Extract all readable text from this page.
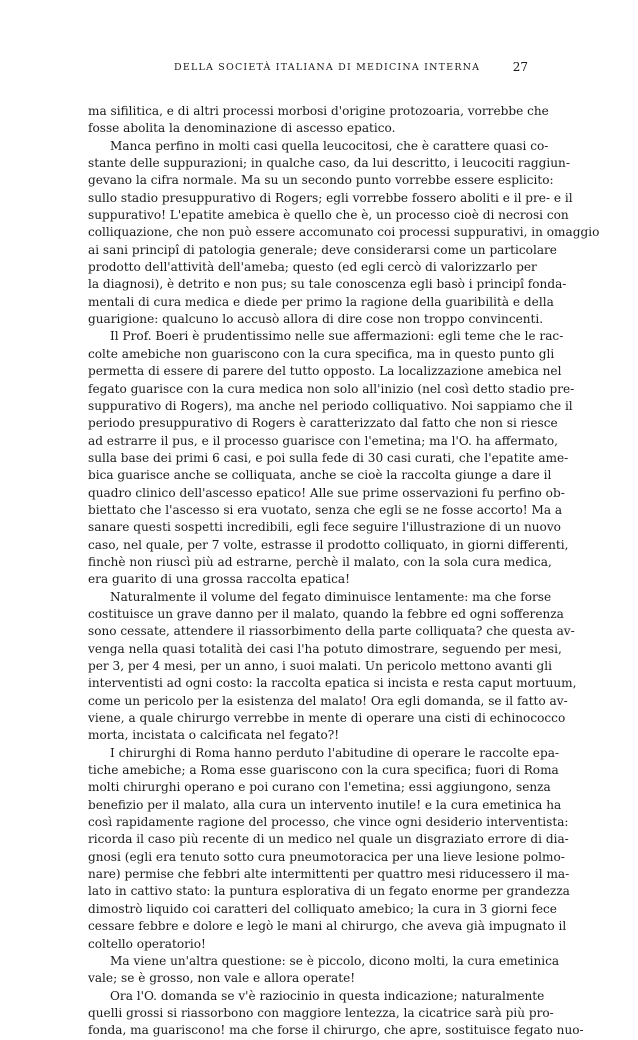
DELLA SOCIETÀ ITALIANA DI MEDICINA INTERNA	27
ma sifilitica, e di altri processi morbosi d'origine protozoaria, vorrebbe che
fosse abolita la denominazione di ascesso epatico.
Manca perfino in molti casi quella leucocitosi, che è carattere quasi co-
stante delle suppurazioni; in qualche caso, da lui descritto, i leucociti raggiun-
gevano la cifra normale. Ma su un secondo punto vorrebbe essere esplicito:
sullo stadio presuppurativo di Rogers; egli vorrebbe fossero aboliti e il pre- e il
suppurativo! L'epatite amebica è quello che è, un processo cioè di necrosi con
colliquazione, che non può essere accomunato coi processi suppurativi, in omaggio
ai sani principî di patologia generale; deve considerarsi come un particolare
prodotto dell'attività dell'ameba; questo (ed egli cercò di valorizzarlo per
la diagnosi), è detrito e non pus; su tale conoscenza egli basò i principî fonda-
mentali di cura medica e diede per primo la ragione della guaribilità e della
guarigione: qualcuno lo accusò allora di dire cose non troppo convincenti.
Il Prof. Boeri è prudentissimo nelle sue affermazioni: egli teme che le rac-
colte amebiche non guariscono con la cura specifica, ma in questo punto gli
permetta di essere di parere del tutto opposto. La localizzazione amebica nel
fegato guarisce con la cura medica non solo all'inizio (nel così detto stadio pre-
suppurativo di Rogers), ma anche nel periodo colliquativo. Noi sappiamo che il
periodo presuppurativo di Rogers è caratterizzato dal fatto che non si riesce
ad estrarre il pus, e il processo guarisce con l'emetina; ma l'O. ha affermato,
sulla base dei primi 6 casi, e poi sulla fede di 30 casi curati, che l'epatite ame-
bica guarisce anche se colliquata, anche se cioè la raccolta giunge a dare il
quadro clinico dell'ascesso epatico! Alle sue prime osservazioni fu perfino ob-
biettato che l'ascesso si era vuotato, senza che egli se ne fosse accorto! Ma a
sanare questi sospetti incredibili, egli fece seguire l'illustrazione di un nuovo
caso, nel quale, per 7 volte, estrasse il prodotto colliquato, in giorni differenti,
finchè non riuscì più ad estrarne, perchè il malato, con la sola cura medica,
era guarito di una grossa raccolta epatica!
Naturalmente il volume del fegato diminuisce lentamente: ma che forse
costituisce un grave danno per il malato, quando la febbre ed ogni sofferenza
sono cessate, attendere il riassorbimento della parte colliquata? che questa av-
venga nella quasi totalità dei casi l'ha potuto dimostrare, seguendo per mesi,
per 3, per 4 mesi, per un anno, i suoi malati. Un pericolo mettono avanti gli
interventisti ad ogni costo: la raccolta epatica si incista e resta caput mortuum,
come un pericolo per la esistenza del malato! Ora egli domanda, se il fatto av-
viene, a quale chirurgo verrebbe in mente di operare una cisti di echinococco
morta, incistata o calcificata nel fegato?!
I chirurghi di Roma hanno perduto l'abitudine di operare le raccolte epa-
tiche amebiche; a Roma esse guariscono con la cura specifica; fuori di Roma
molti chirurghi operano e poi curano con l'emetina; essi aggiungono, senza
benefizio per il malato, alla cura un intervento inutile! e la cura emetinica ha
così rapidamente ragione del processo, che vince ogni desiderio interventista:
ricorda il caso più recente di un medico nel quale un disgraziato errore di dia-
gnosi (egli era tenuto sotto cura pneumotoracica per una lieve lesione polmo-
nare) permise che febbri alte intermittenti per quattro mesi riducessero il ma-
lato in cattivo stato: la puntura esplorativa di un fegato enorme per grandezza
dimostrò liquido coi caratteri del colliquato amebico; la cura in 3 giorni fece
cessare febbre e dolore e legò le mani al chirurgo, che aveva già impugnato il
coltello operatorio!
Ma viene un'altra questione: se è piccolo, dicono molti, la cura emetinica
vale; se è grosso, non vale e allora operate!
Ora l'O. domanda se v'è raziocinio in questa indicazione; naturalmente
quelli grossi si riassorbono con maggiore lentezza, la cicatrice sarà più pro-
fonda, ma guariscono! ma che forse il chirurgo, che apre, sostituisce fegato nuo-
